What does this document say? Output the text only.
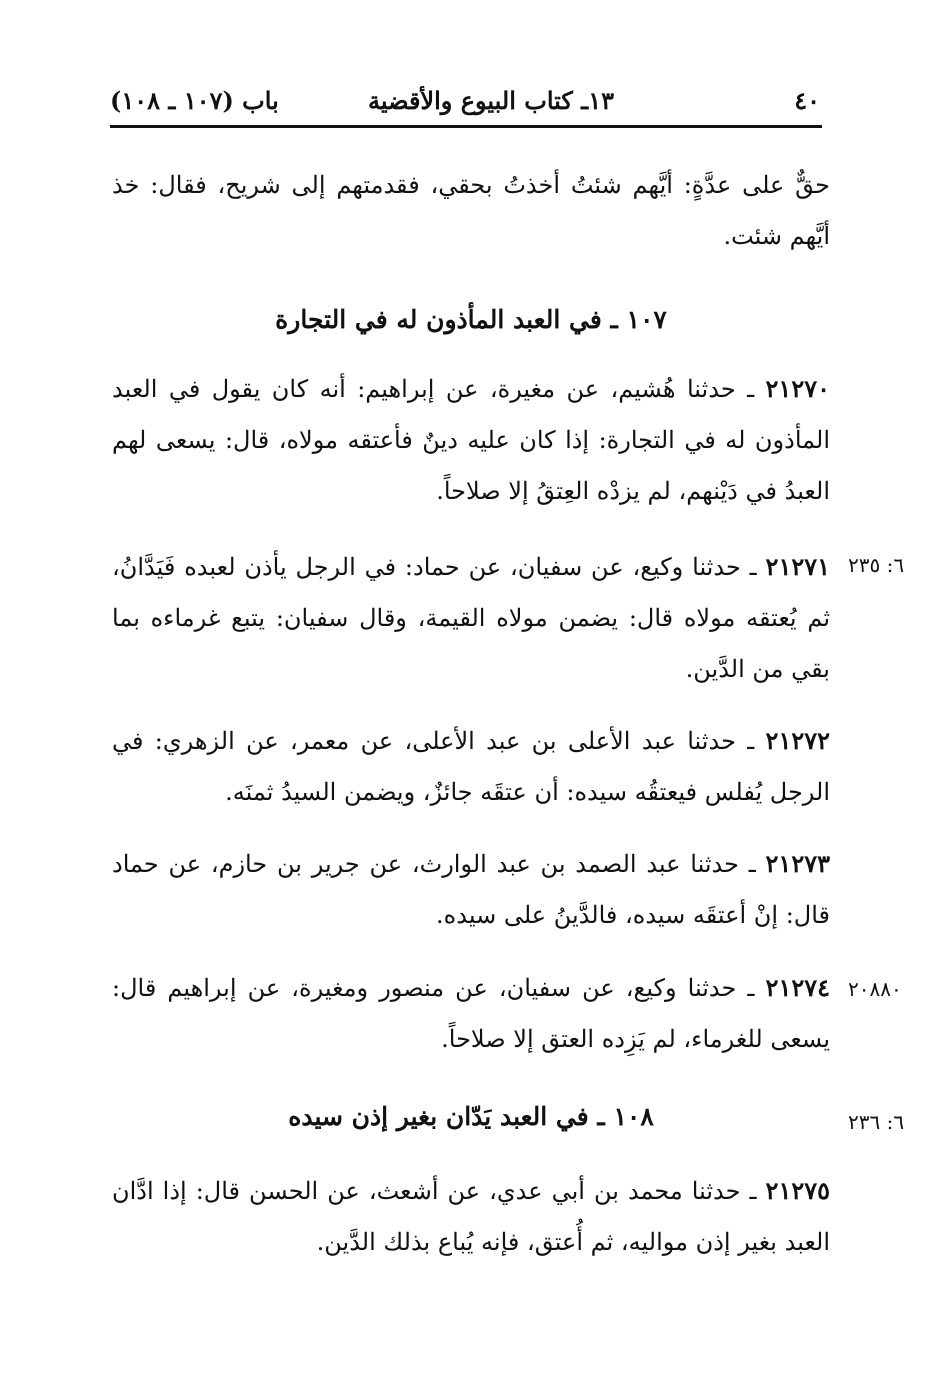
٤٠
١٣ـ كتاب البيوع والأقضية
باب (١٠٧ ـ ١٠٨)
حقٌّ على عدَّةٍ: أيَّهم شئتُ أخذتُ بحقي، فقدمتهم إلى شريح، فقال: خذ أيَّهم شئت.
١٠٧ ـ في العبد المأذون له في التجارة
٢١٢٧٠ ـ حدثنا هُشيم، عن مغيرة، عن إبراهيم: أنه كان يقول في العبد المأذون له في التجارة: إذا كان عليه دينٌ فأعتقه مولاه، قال: يسعى لهم العبدُ في دَيْنهم، لم يزدْه العِتقُ إلا صلاحاً.
٦: ٢٣٥
٢١٢٧١ ـ حدثنا وكيع، عن سفيان، عن حماد: في الرجل يأذن لعبده فَيَدَّانُ، ثم يُعتقه مولاه قال: يضمن مولاه القيمة، وقال سفيان: يتبع غرماءه بما بقي من الدَّين.
٢١٢٧٢ ـ حدثنا عبد الأعلى بن عبد الأعلى، عن معمر، عن الزهري: في الرجل يُفلس فيعتقُه سيده: أن عتقَه جائزٌ، ويضمن السيدُ ثمنَه.
٢١٢٧٣ ـ حدثنا عبد الصمد بن عبد الوارث، عن جرير بن حازم، عن حماد قال: إنْ أعتقَه سيده، فالدَّينُ على سيده.
٢٠٨٨٠
٢١٢٧٤ ـ حدثنا وكيع، عن سفيان، عن منصور ومغيرة، عن إبراهيم قال: يسعى للغرماء، لم يَزِده العتق إلا صلاحاً.
٦: ٢٣٦
١٠٨ ـ في العبد يَدّان بغير إذن سيده
٢١٢٧٥ ـ حدثنا محمد بن أبي عدي، عن أشعث، عن الحسن قال: إذا ادَّان العبد بغير إذن مواليه، ثم أُعتق، فإنه يُباع بذلك الدَّين.
